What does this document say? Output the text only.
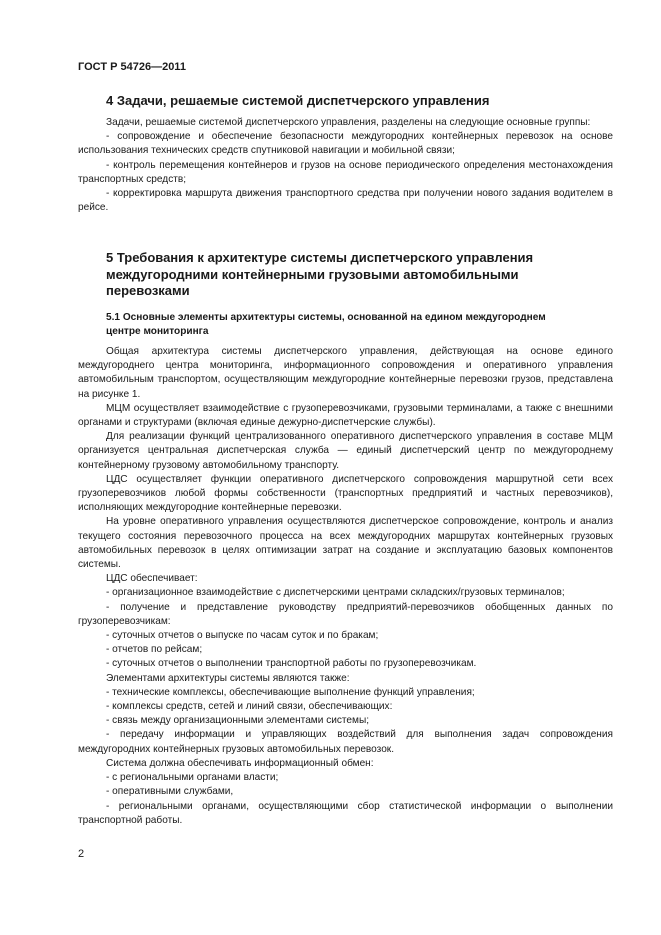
ГОСТ Р 54726—2011
4 Задачи, решаемые системой диспетчерского управления

Задачи, решаемые системой диспетчерского управления, разделены на следующие основные группы:

- сопровождение и обеспечение безопасности междугородних контейнерных перевозок на основе использования технических средств спутниковой навигации и мобильной связи;

- контроль перемещения контейнеров и грузов на основе периодического определения местонахождения транспортных средств;

- корректировка маршрута движения транспортного средства при получении нового задания водителем в рейсе.

5 Требования к архитектуре системы диспетчерского управления
междугородними контейнерными грузовыми автомобильными
перевозками
5.1 Основные элементы архитектуры системы, основанной на едином междугороднем
центре мониторинга

Общая архитектура системы диспетчерского управления, действующая на основе единого междугороднего центра мониторинга, информационного сопровождения и оперативного управления автомобильным транспортом, осуществляющим междугородние контейнерные перевозки грузов, представлена на рисунке 1.

МЦМ осуществляет взаимодействие с грузоперевозчиками, грузовыми терминалами, а также с внешними органами и структурами (включая единые дежурно-диспетчерские службы).

Для реализации функций централизованного оперативного диспетчерского управления в составе МЦМ организуется центральная диспетчерская служба — единый диспетчерский центр по междугороднему контейнерному грузовому автомобильному транспорту.

ЦДС осуществляет функции оперативного диспетчерского сопровождения маршрутной сети всех грузоперевозчиков любой формы собственности (транспортных предприятий и частных перевозчиков), исполняющих междугородние контейнерные перевозки.

На уровне оперативного управления осуществляются диспетчерское сопровождение, контроль и анализ текущего состояния перевозочного процесса на всех междугородних маршрутах контейнерных грузовых автомобильных перевозок в целях оптимизации затрат на создание и эксплуатацию базовых компонентов системы.

ЦДС обеспечивает:

- организационное взаимодействие с диспетчерскими центрами складских/грузовых терминалов;

- получение и представление руководству предприятий-перевозчиков обобщенных данных по грузоперевозчикам:

- суточных отчетов о выпуске по часам суток и по бракам;

- отчетов по рейсам;

- суточных отчетов о выполнении транспортной работы по грузоперевозчикам.

Элементами архитектуры системы являются также:

- технические комплексы, обеспечивающие выполнение функций управления;

- комплексы средств, сетей и линий связи, обеспечивающих:

- связь между организационными элементами системы;

- передачу информации и управляющих воздействий для выполнения задач сопровождения междугородних контейнерных грузовых автомобильных перевозок.

Система должна обеспечивать информационный обмен:

- с региональными органами власти;

- оперативными службами,

- региональными органами, осуществляющими сбор статистической информации о выполнении транспортной работы.

2
